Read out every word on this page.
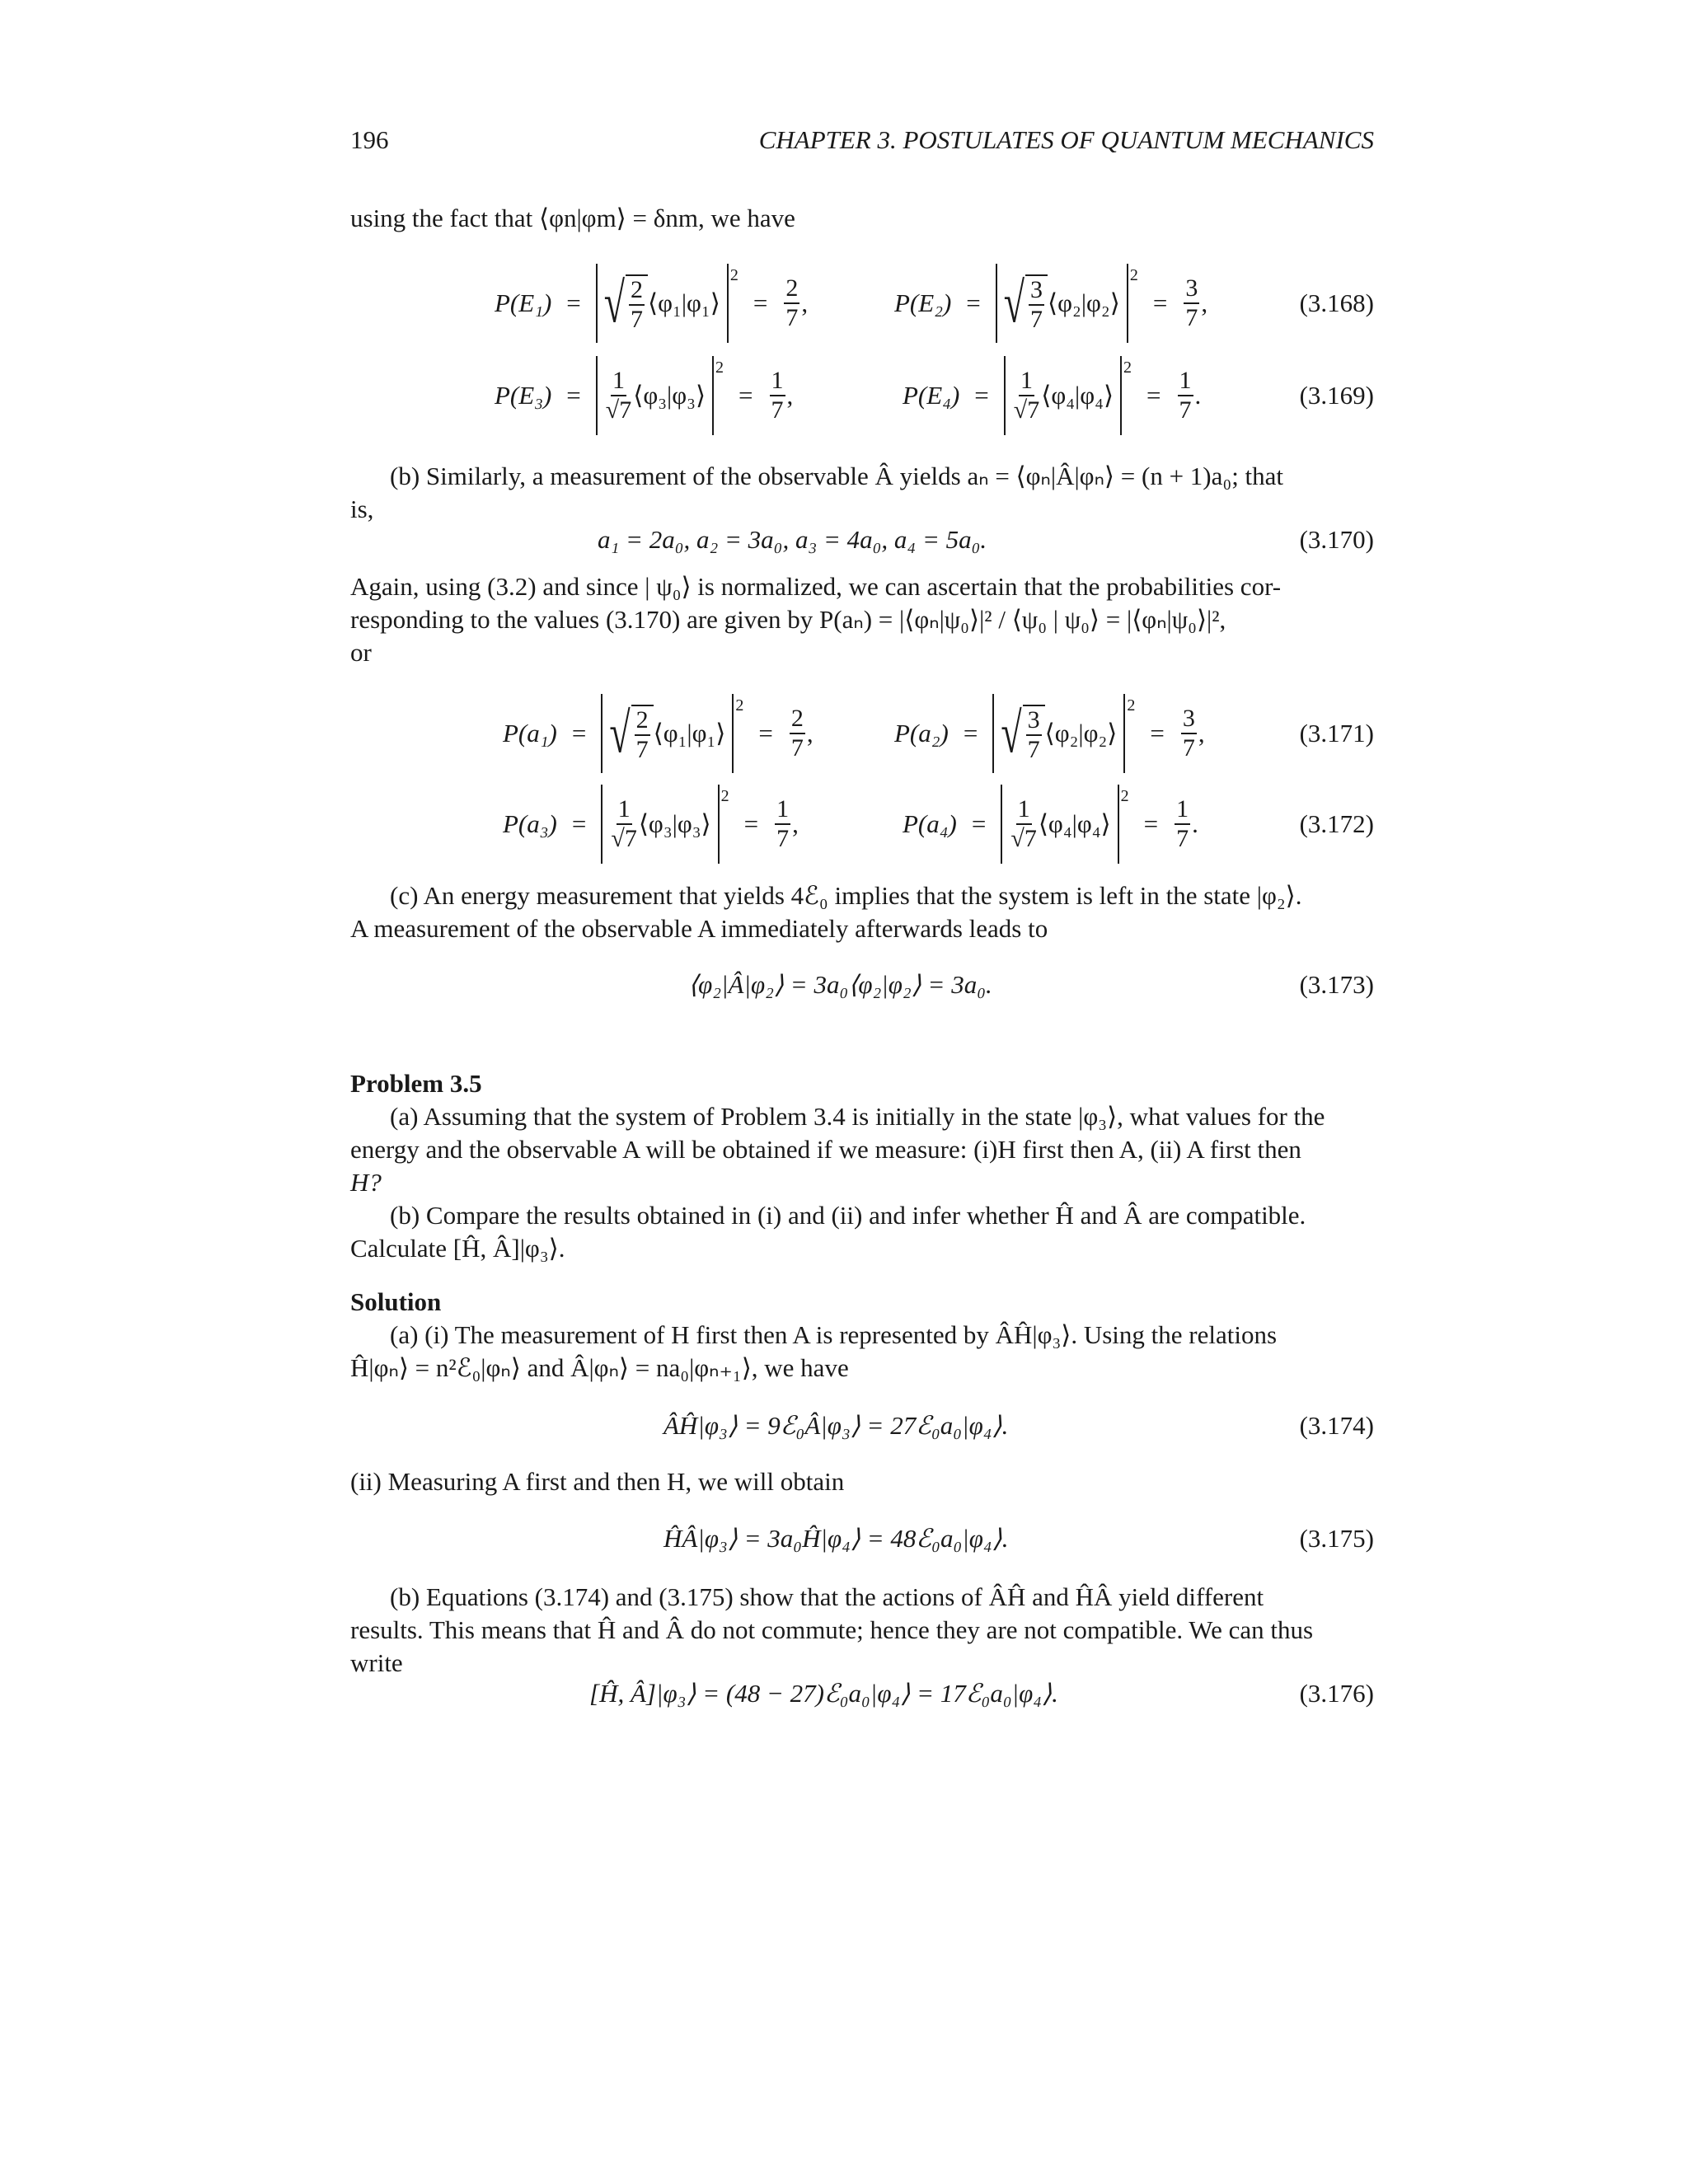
196	CHAPTER 3. POSTULATES OF QUANTUM MECHANICS
using the fact that ⟨φn|φm⟩ = δnm, we have
P(E₁) = √ $\frac{2}{7}$ ⟨φ₁|φ₁⟩
2
= $\frac{2}{7}$ ,	P(E₂) = √ $\frac{3}{7}$ ⟨φ₂|φ₂⟩
2
= $\frac{3}{7}$ ,	(3.168)
$P(E_3) = \frac{1}{√7}$ ⟨φ₃|φ₃⟩
2
= $\frac{1}{7}$ ,	$P(E_4) = \frac{1}{√7}$ ⟨φ₄|φ₄⟩
2
= $\frac{1}{7}$ .	(3.169)
(b) Similarly, a measurement of the observable Â yields aₙ = ⟨φₙ|Â|φₙ⟩ = (n + 1)a₀; that
is,
a₁ = 2a₀, a₂ = 3a₀, a₃ = 4a₀, a₄ = 5a₀.	(3.170)
Again, using (3.2) and since | ψ₀⟩ is normalized, we can ascertain that the probabilities cor-
responding to the values (3.170) are given by P(aₙ) = |⟨φₙ|ψ₀⟩|² / ⟨ψ₀ | ψ₀⟩ = |⟨φₙ|ψ₀⟩|²,
or
P(a₁) = √ $\frac{2}{7}$ ⟨φ₁|φ₁⟩
2
= $\frac{2}{7}$ ,	P(a₂) = √ $\frac{3}{7}$ ⟨φ₂|φ₂⟩
2
= $\frac{3}{7}$ ,	(3.171)
$P(a_3) = \frac{1}{√7}$ ⟨φ₃|φ₃⟩
2
= $\frac{1}{7}$ ,	$P(a_4) = \frac{1}{√7}$ ⟨φ₄|φ₄⟩
2
= $\frac{1}{7}$ .	(3.172)
(c) An energy measurement that yields 4ℰ₀ implies that the system is left in the state |φ₂⟩.
A measurement of the observable A immediately afterwards leads to
⟨φ₂|Â|φ₂⟩ = 3a₀⟨φ₂|φ₂⟩ = 3a₀.	(3.173)
Problem 3.5
(a) Assuming that the system of Problem 3.4 is initially in the state |φ₃⟩, what values for the
energy and the observable A will be obtained if we measure: (i)H first then A, (ii) A first then
H?
(b) Compare the results obtained in (i) and (ii) and infer whether Ĥ and Â are compatible.
Calculate [Ĥ, Â]|φ₃⟩.
Solution
(a) (i) The measurement of H first then A is represented by ÂĤ|φ₃⟩. Using the relations
Ĥ|φₙ⟩ = n²ℰ₀|φₙ⟩ and Â|φₙ⟩ = na₀|φₙ₊₁⟩, we have
ÂĤ|φ₃⟩ = 9ℰ₀Â|φ₃⟩ = 27ℰ₀a₀|φ₄⟩.	(3.174)
(ii) Measuring A first and then H, we will obtain
ĤÂ|φ₃⟩ = 3a₀Ĥ|φ₄⟩ = 48ℰ₀a₀|φ₄⟩.	(3.175)
(b) Equations (3.174) and (3.175) show that the actions of ÂĤ and ĤÂ yield different
results. This means that Ĥ and Â do not commute; hence they are not compatible. We can thus
write
[Ĥ, Â]|φ₃⟩ = (48 − 27)ℰ₀a₀|φ₄⟩ = 17ℰ₀a₀|φ₄⟩.	(3.176)
